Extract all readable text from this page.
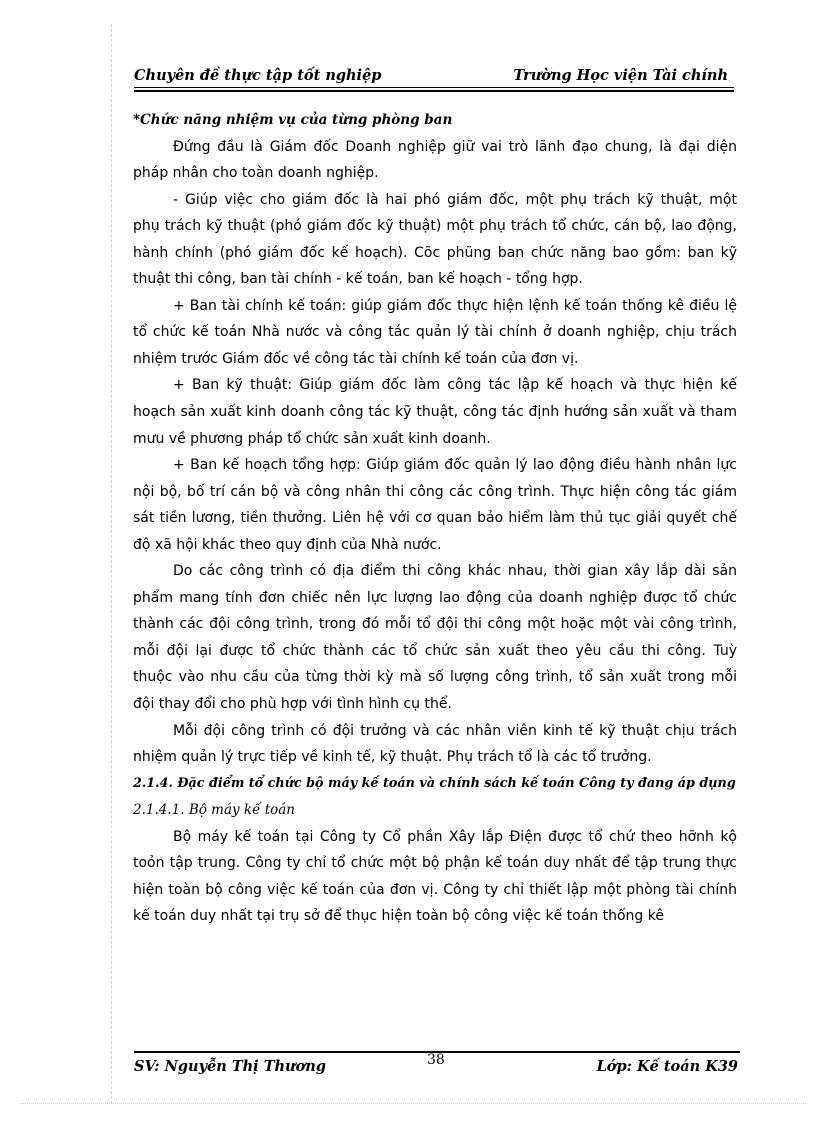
Chuyên đề thực tập tốt nghiệp	Trường Học viện Tài chính
*Chức năng nhiệm vụ của từng phòng ban
Đứng đầu là Giám đốc Doanh nghiệp giữ vai trò lãnh đạo chung, là đại diện
pháp nhân cho toàn doanh nghiệp.
- Giúp việc cho giám đốc là hai phó giám đốc, một phụ trách kỹ thuật, một
phụ trách kỹ thuật (phó giám đốc kỹ thuật) một phụ trách tổ chức, cán bộ, lao động,
hành chính (phó giám đốc kế hoạch). Cõc phũng ban chức năng bao gồm: ban kỹ
thuật thi công, ban tài chính - kế toán, ban kế hoạch - tổng hợp.
+ Ban tài chính kế toán: giúp giám đốc thực hiện lệnh kế toán thống kê điều lệ
tổ chức kế toán Nhà nước và công tác quản lý tài chính ở doanh nghiệp, chịu trách
nhiệm trước Giám đốc về công tác tài chính kế toán của đơn vị.
+ Ban kỹ thuật: Giúp giám đốc làm công tác lập kế hoạch và thực hiện kế
hoạch sản xuất kinh doanh công tác kỹ thuật, công tác định hướng sản xuất và tham
mưu về phương pháp tổ chức sản xuất kinh doanh.
+ Ban kế hoạch tổng hợp: Giúp giám đốc quản lý lao động điều hành nhân lực
nội bộ, bố trí cán bộ và công nhân thi công các công trình. Thực hiện công tác giám
sát tiền lương, tiền thưởng. Liên hệ với cơ quan bảo hiểm làm thủ tục giải quyết chế
độ xã hội khác theo quy định của Nhà nước.
Do các công trình có địa điểm thi công khác nhau, thời gian xây lắp dài sản
phẩm mang tính đơn chiếc nên lực lượng lao động của doanh nghiệp được tổ chức
thành các đội công trình, trong đó mỗi tổ đội thi công một hoặc một vài công trình,
mỗi đội lại được tổ chức thành các tổ chức sản xuất theo yêu cầu thi công. Tuỳ
thuộc vào nhu cầu của từng thời kỳ mà số lượng công trình, tổ sản xuất trong mỗi
đội thay đổi cho phù hợp với tình hình cụ thể.
Mỗi đội công trình có đội trưởng và các nhân viên kinh tế kỹ thuật chịu trách
nhiệm quản lý trực tiếp về kinh tế, kỹ thuật. Phụ trách tổ là các tổ trưởng.
2.1.4. Đặc điểm tổ chức bộ máy kế toán và chính sách kế toán Công ty đang áp dụng
2.1.4.1. Bộ máy kế toán
Bộ máy kế toán tại Công ty Cổ phần Xây lắp Điện được tổ chứ theo hỡnh kộ
toỏn tập trung. Công ty chỉ tổ chức một bộ phận kế toán duy nhất để tập trung thực
hiện toàn bộ công việc kế toán của đơn vị. Công ty chỉ thiết lập một phòng tài chính
kế toán duy nhất tại trụ sở để thục hiện toàn bộ công việc kế toán thống kê
SV: Nguyễn Thị Thương	38	Lớp: Kế toán K39
